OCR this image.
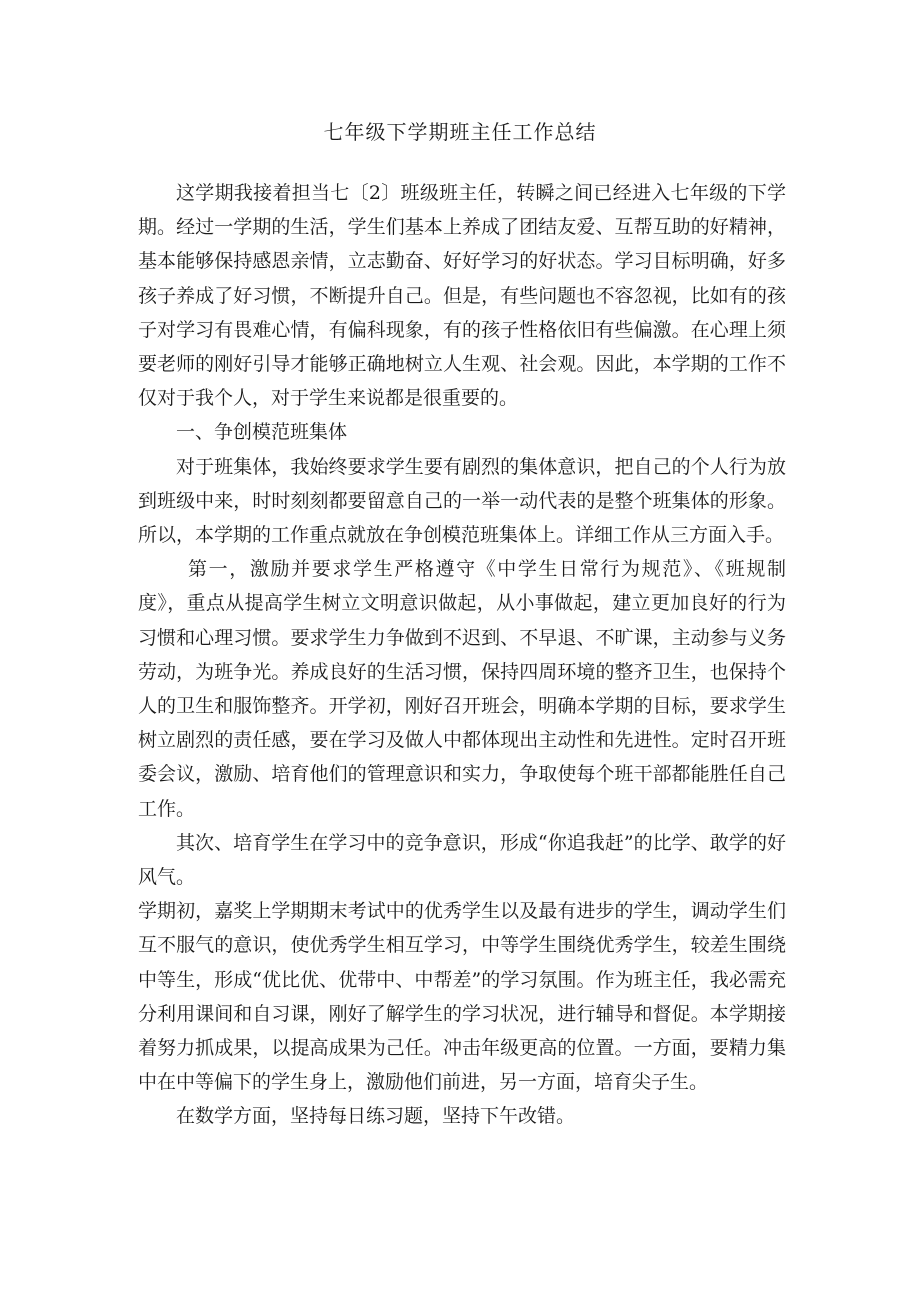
七年级下学期班主任工作总结

这学期我接着担当七〔2〕班级班主任，转瞬之间已经进入七年级的下学期。经过一学期的生活，学生们基本上养成了团结友爱、互帮互助的好精神，基本能够保持感恩亲情，立志勤奋、好好学习的好状态。学习目标明确，好多孩子养成了好习惯，不断提升自己。但是，有些问题也不容忽视，比如有的孩子对学习有畏难心情，有偏科现象，有的孩子性格依旧有些偏激。在心理上须要老师的刚好引导才能够正确地树立人生观、社会观。因此，本学期的工作不仅对于我个人，对于学生来说都是很重要的。

一、争创模范班集体

对于班集体，我始终要求学生要有剧烈的集体意识，把自己的个人行为放到班级中来，时时刻刻都要留意自己的一举一动代表的是整个班集体的形象。所以，本学期的工作重点就放在争创模范班集体上。详细工作从三方面入手。

第一，激励并要求学生严格遵守《中学生日常行为规范》、《班规制度》，重点从提高学生树立文明意识做起，从小事做起，建立更加良好的行为习惯和心理习惯。要求学生力争做到不迟到、不早退、不旷课，主动参与义务劳动，为班争光。养成良好的生活习惯，保持四周环境的整齐卫生，也保持个人的卫生和服饰整齐。开学初，刚好召开班会，明确本学期的目标，要求学生树立剧烈的责任感，要在学习及做人中都体现出主动性和先进性。定时召开班委会议，激励、培育他们的管理意识和实力，争取使每个班干部都能胜任自己工作。

其次、培育学生在学习中的竞争意识，形成“你追我赶”的比学、敢学的好风气。

学期初，嘉奖上学期期末考试中的优秀学生以及最有进步的学生，调动学生们互不服气的意识，使优秀学生相互学习，中等学生围绕优秀学生，较差生围绕中等生，形成“优比优、优带中、中帮差”的学习氛围。作为班主任，我必需充分利用课间和自习课，刚好了解学生的学习状况，进行辅导和督促。本学期接着努力抓成果，以提高成果为己任。冲击年级更高的位置。一方面，要精力集中在中等偏下的学生身上，激励他们前进，另一方面，培育尖子生。

在数学方面，坚持每日练习题，坚持下午改错。
